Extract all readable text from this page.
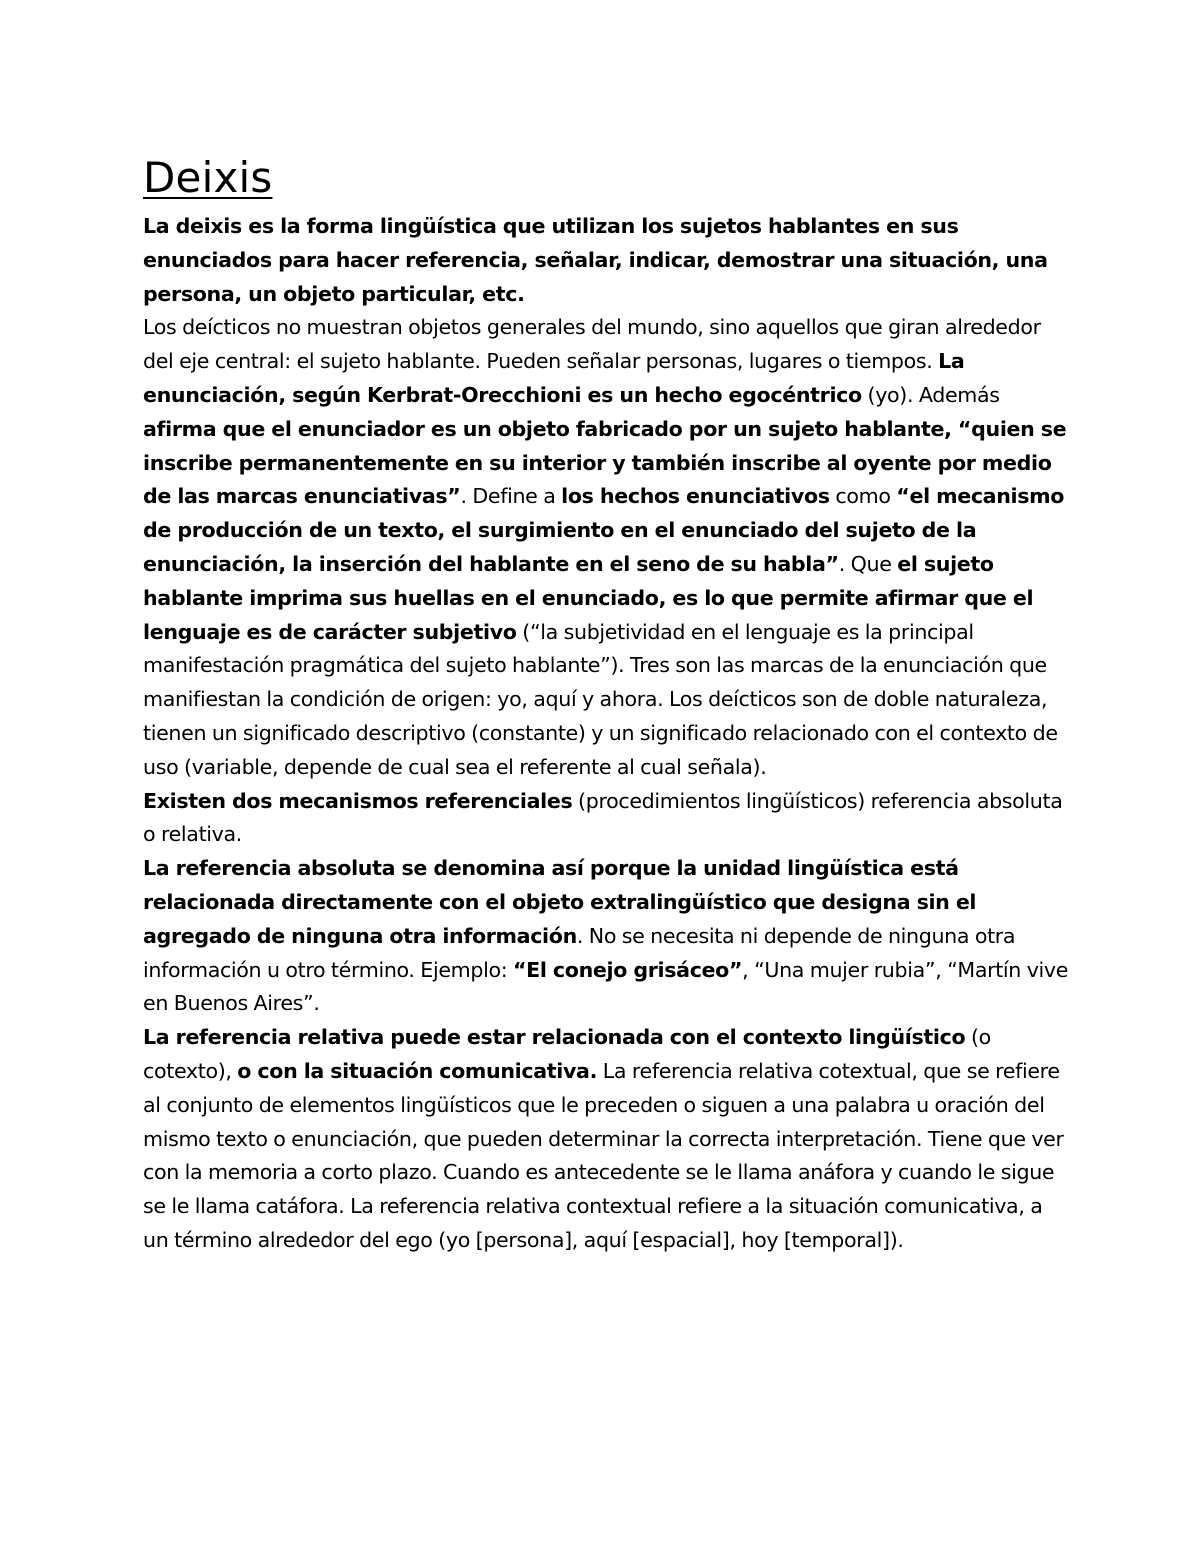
Deixis

La deixis es la forma lingüística que utilizan los sujetos hablantes en sus enunciados para hacer referencia, señalar, indicar, demostrar una situación, una persona, un objeto particular, etc.

Los deícticos no muestran objetos generales del mundo, sino aquellos que giran alrededor del eje central: el sujeto hablante. Pueden señalar personas, lugares o tiempos. La enunciación, según Kerbrat-Orecchioni es un hecho egocéntrico (yo). Además afirma que el enunciador es un objeto fabricado por un sujeto hablante, “quien se inscribe permanentemente en su interior y también inscribe al oyente por medio de las marcas enunciativas”. Define a los hechos enunciativos como “el mecanismo de producción de un texto, el surgimiento en el enunciado del sujeto de la enunciación, la inserción del hablante en el seno de su habla”. Que el sujeto hablante imprima sus huellas en el enunciado, es lo que permite afirmar que el lenguaje es de carácter subjetivo (“la subjetividad en el lenguaje es la principal manifestación pragmática del sujeto hablante”). Tres son las marcas de la enunciación que manifiestan la condición de origen: yo, aquí y ahora. Los deícticos son de doble naturaleza, tienen un significado descriptivo (constante) y un significado relacionado con el contexto de uso (variable, depende de cual sea el referente al cual señala).

Existen dos mecanismos referenciales (procedimientos lingüísticos) referencia absoluta o relativa.

La referencia absoluta se denomina así porque la unidad lingüística está relacionada directamente con el objeto extralingüístico que designa sin el agregado de ninguna otra información. No se necesita ni depende de ninguna otra información u otro término. Ejemplo: “El conejo grisáceo”, “Una mujer rubia”, “Martín vive en Buenos Aires”.

La referencia relativa puede estar relacionada con el contexto lingüístico (o cotexto), o con la situación comunicativa. La referencia relativa cotextual, que se refiere al conjunto de elementos lingüísticos que le preceden o siguen a una palabra u oración del mismo texto o enunciación, que pueden determinar la correcta interpretación. Tiene que ver con la memoria a corto plazo. Cuando es antecedente se le llama anáfora y cuando le sigue se le llama catáfora. La referencia relativa contextual refiere a la situación comunicativa, a un término alrededor del ego (yo [persona], aquí [espacial], hoy [temporal]).
